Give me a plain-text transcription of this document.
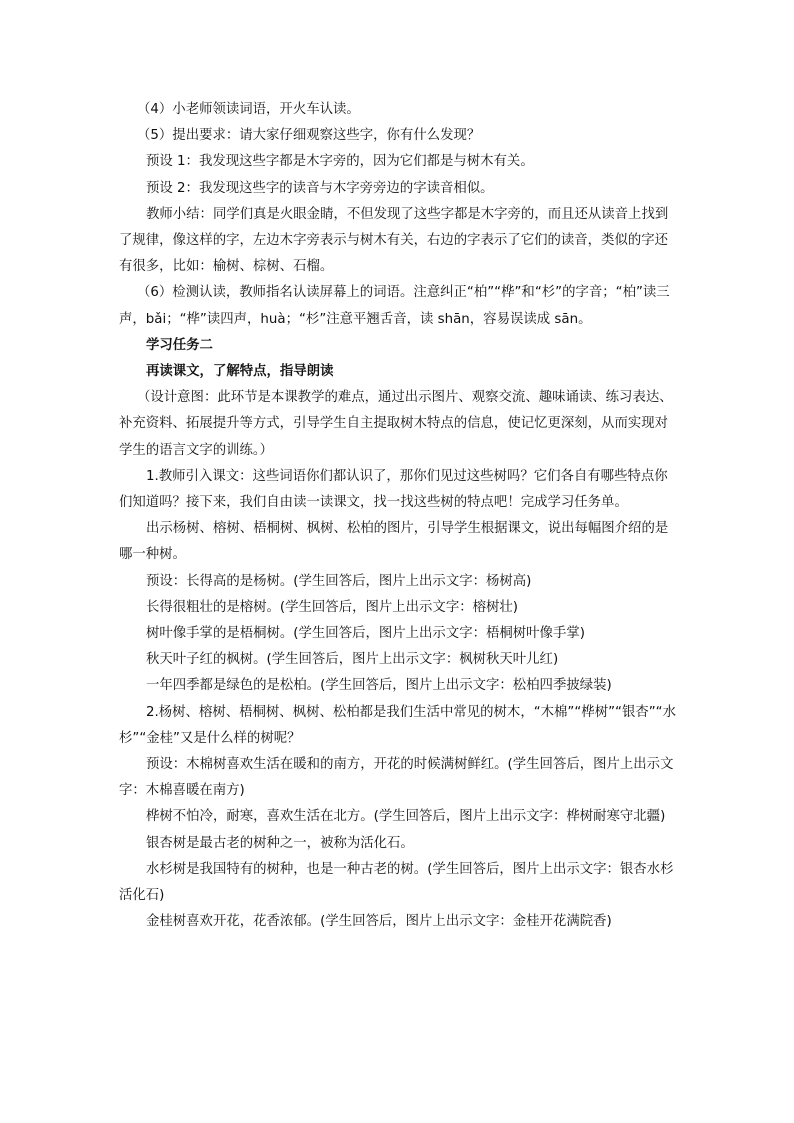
（4）小老师领读词语，开火车认读。

（5）提出要求：请大家仔细观察这些字，你有什么发现？

预设 1：我发现这些字都是木字旁的，因为它们都是与树木有关。

预设 2：我发现这些字的读音与木字旁旁边的字读音相似。

教师小结：同学们真是火眼金睛，不但发现了这些字都是木字旁的，而且还从读音上找到了规律，像这样的字，左边木字旁表示与树木有关，右边的字表示了它们的读音，类似的字还有很多，比如：榆树、棕树、石榴。

（6）检测认读，教师指名认读屏幕上的词语。注意纠正“柏”“桦”和“杉”的字音；“柏”读三声，bǎi；“桦”读四声，huà；“杉”注意平翘舌音，读 shān，容易误读成 sān。

学习任务二

再读课文，了解特点，指导朗读

（设计意图：此环节是本课教学的难点，通过出示图片、观察交流、趣味诵读、练习表达、补充资料、拓展提升等方式，引导学生自主提取树木特点的信息，使记忆更深刻，从而实现对学生的语言文字的训练。）

1.教师引入课文：这些词语你们都认识了，那你们见过这些树吗？它们各自有哪些特点你们知道吗？接下来，我们自由读一读课文，找一找这些树的特点吧！完成学习任务单。

出示杨树、榕树、梧桐树、枫树、松柏的图片，引导学生根据课文，说出每幅图介绍的是哪一种树。

预设：长得高的是杨树。(学生回答后，图片上出示文字：杨树高)

长得很粗壮的是榕树。(学生回答后，图片上出示文字：榕树壮)

树叶像手掌的是梧桐树。(学生回答后，图片上出示文字：梧桐树叶像手掌)

秋天叶子红的枫树。(学生回答后，图片上出示文字：枫树秋天叶儿红)

一年四季都是绿色的是松柏。(学生回答后，图片上出示文字：松柏四季披绿装)

2.杨树、榕树、梧桐树、枫树、松柏都是我们生活中常见的树木，“木棉”“桦树”“银杏”“水杉”“金桂”又是什么样的树呢？

预设：木棉树喜欢生活在暖和的南方，开花的时候满树鲜红。(学生回答后，图片上出示文字：木棉喜暖在南方)

桦树不怕冷，耐寒，喜欢生活在北方。(学生回答后，图片上出示文字：桦树耐寒守北疆)

银杏树是最古老的树种之一，被称为活化石。

水杉树是我国特有的树种，也是一种古老的树。(学生回答后，图片上出示文字：银杏水杉活化石)

金桂树喜欢开花，花香浓郁。(学生回答后，图片上出示文字：金桂开花满院香)
